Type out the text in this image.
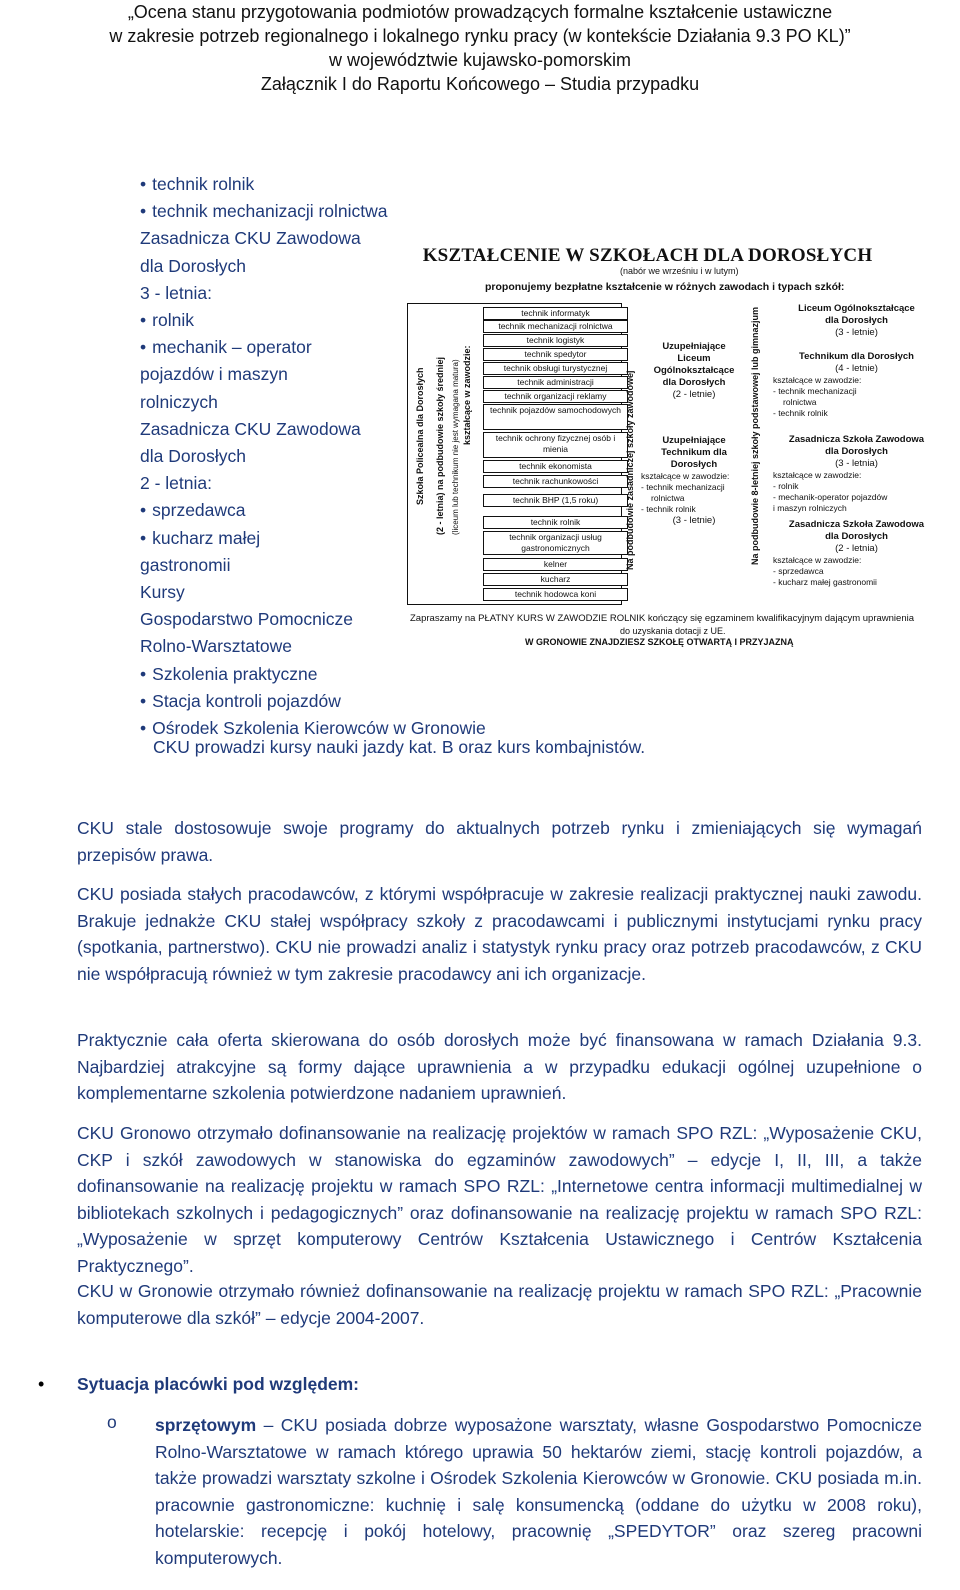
„Ocena stanu przygotowania podmiotów prowadzących formalne kształcenie ustawiczne
w zakresie potrzeb regionalnego i lokalnego rynku pracy (w kontekście Działania 9.3 PO KL)”
w województwie kujawsko-pomorskim
Załącznik I do Raportu Końcowego – Studia przypadku
• technik rolnik
• technik mechanizacji rolnictwa
Zasadnicza CKU Zawodowa
dla Dorosłych
3 - letnia:
• rolnik
• mechanik – operator
pojazdów i maszyn
rolniczych
Zasadnicza CKU Zawodowa
dla Dorosłych
2 - letnia:
• sprzedawca
• kucharz małej
gastronomii
Kursy
Gospodarstwo Pomocnicze
Rolno-Warsztatowe
• Szkolenia praktyczne
• Stacja kontroli pojazdów
• Ośrodek Szkolenia Kierowców w Gronowie
CKU prowadzi kursy nauki jazdy kat. B oraz kurs kombajnistów.
KSZTAŁCENIE W SZKOŁACH DLA DOROSŁYCH
(nabór we wrześniu i w lutym)
proponujemy bezpłatne kształcenie w różnych zawodach i typach szkół:
Szkoła Policealna dla Dorosłych (2 - letnia) na podbudowie szkoły średniej (liceum lub technikum nie jest wymagana matura) kształcące w zawodzie:
technik informatyk
technik mechanizacji rolnictwa
technik logistyk
technik spedytor
technik obsługi turystycznej
technik administracji
technik organizacji reklamy
technik pojazdów samochodowych
technik ochrony fizycznej osób i mienia
technik ekonomista
technik rachunkowości
technik BHP (1,5 roku)
technik rolnik
technik organizacji usług gastronomicznych
kelner
kucharz
technik hodowca koni
Na podbudowie zasadniczej szkoły zawodowej
Uzupełniające
Liceum
Ogólnokształcące
dla Dorosłych
(2 - letnie)
Uzupełniające
Technikum dla
Dorosłych
kształcące w zawodzie:
- technik mechanizacji
rolnictwa
- technik rolnik
(3 - letnie)	Na podbudowie 8-letniej szkoły podstawowej lub gimnazjum	Liceum Ogólnokształcące
dla Dorosłych
(3 - letnie)
Technikum dla Dorosłych
(4 - letnie)
kształcące w zawodzie:
- technik mechanizacji
rolnictwa
- technik rolnik
Zasadnicza Szkoła Zawodowa
dla Dorosłych
(3 - letnia)
kształcące w zawodzie:
- rolnik
- mechanik-operator pojazdów
i maszyn rolniczych
Zasadnicza Szkoła Zawodowa
dla Dorosłych
(2 - letnia)
kształcące w zawodzie:
- sprzedawca
- kucharz małej gastronomii
Zapraszamy na PŁATNY KURS W ZAWODZIE ROLNIK kończący się egzaminem kwalifikacyjnym dającym uprawnienia
do uzyskania dotacji z UE.
W GRONOWIE ZNAJDZIESZ SZKOŁĘ OTWARTĄ I PRZYJAZNĄ
CKU stale dostosowuje swoje programy do aktualnych potrzeb rynku i zmieniających się wymagań przepisów prawa.
CKU posiada stałych pracodawców, z którymi współpracuje w zakresie realizacji praktycznej nauki zawodu. Brakuje jednakże CKU stałej współpracy szkoły z pracodawcami i publicznymi instytucjami rynku pracy (spotkania, partnerstwo). CKU nie prowadzi analiz i statystyk rynku pracy oraz potrzeb pracodawców, z CKU nie współpracują również w tym zakresie pracodawcy ani ich organizacje.
Praktycznie cała oferta skierowana do osób dorosłych może być finansowana w ramach Działania 9.3. Najbardziej atrakcyjne są formy dające uprawnienia a w przypadku edukacji ogólnej uzupełnione o komplementarne szkolenia potwierdzone nadaniem uprawnień.
CKU Gronowo otrzymało dofinansowanie na realizację projektów w ramach SPO RZL: „Wyposażenie CKU, CKP i szkół zawodowych w stanowiska do egzaminów zawodowych” – edycje I, II, III, a także dofinansowanie na realizację projektu w ramach SPO RZL: „Internetowe centra informacji multimedialnej w bibliotekach szkolnych i pedagogicznych” oraz dofinansowanie na realizację projektu w ramach SPO RZL: „Wyposażenie w sprzęt komputerowy Centrów Kształcenia Ustawicznego i Centrów Kształcenia Praktycznego”.
CKU w Gronowie otrzymało również dofinansowanie na realizację projektu w ramach SPO RZL: „Pracownie komputerowe dla szkół” – edycje 2004-2007.
• Sytuacja placówki pod względem:
o sprzętowym – CKU posiada dobrze wyposażone warsztaty, własne Gospodarstwo Pomocnicze Rolno-Warsztatowe w ramach którego uprawia 50 hektarów ziemi, stację kontroli pojazdów, a także prowadzi warsztaty szkolne i Ośrodek Szkolenia Kierowców w Gronowie. CKU posiada m.in. pracownie gastronomiczne: kuchnię i salę konsumencką (oddane do użytku w 2008 roku), hotelarskie: recepcję i pokój hotelowy, pracownię „SPEDYTOR” oraz szereg pracowni komputerowych.
